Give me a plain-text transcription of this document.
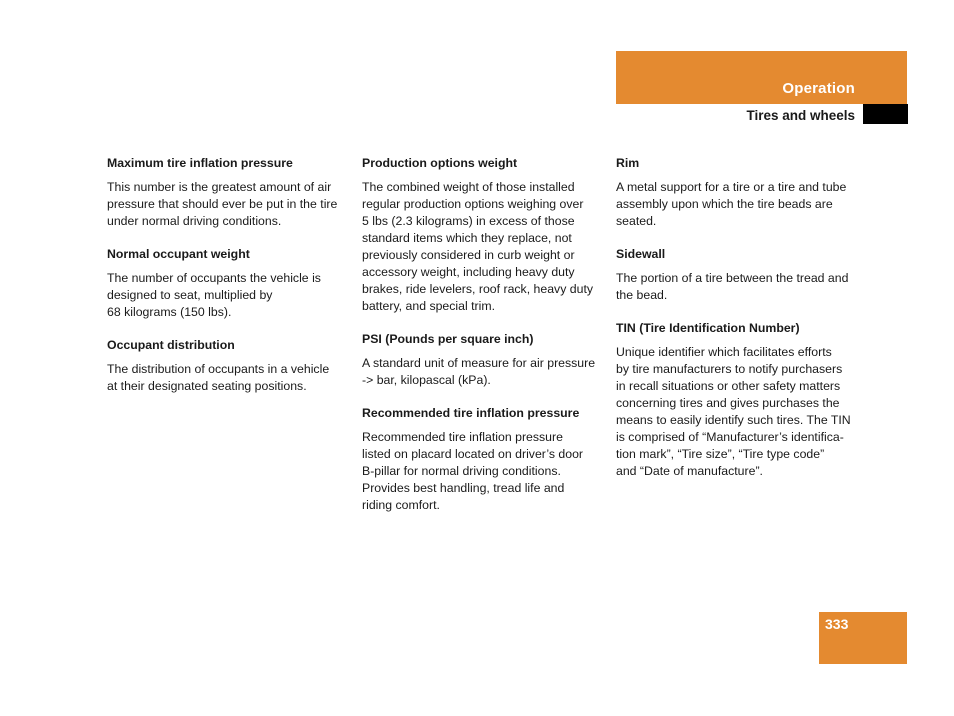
Operation
Tires and wheels
Maximum tire inflation pressure

This number is the greatest amount of air
pressure that should ever be put in the tire
under normal driving conditions.

Normal occupant weight

The number of occupants the vehicle is
designed to seat, multiplied by
68 kilograms (150 lbs).

Occupant distribution

The distribution of occupants in a vehicle
at their designated seating positions.

Production options weight

The combined weight of those installed
regular production options weighing over
5 lbs (2.3 kilograms) in excess of those
standard items which they replace, not
previously considered in curb weight or
accessory weight, including heavy duty
brakes, ride levelers, roof rack, heavy duty
battery, and special trim.

PSI (Pounds per square inch)

A standard unit of measure for air pressure
-> bar, kilopascal (kPa).

Recommended tire inflation pressure

Recommended tire inflation pressure
listed on placard located on driver’s door
B-pillar for normal driving conditions.
Provides best handling, tread life and
riding comfort.

Rim

A metal support for a tire or a tire and tube
assembly upon which the tire beads are
seated.

Sidewall

The portion of a tire between the tread and
the bead.

TIN (Tire Identification Number)

Unique identifier which facilitates efforts
by tire manufacturers to notify purchasers
in recall situations or other safety matters
concerning tires and gives purchases the
means to easily identify such tires. The TIN
is comprised of “Manufacturer’s identifica-
tion mark”, “Tire size”, “Tire type code”
and “Date of manufacture”.

333
